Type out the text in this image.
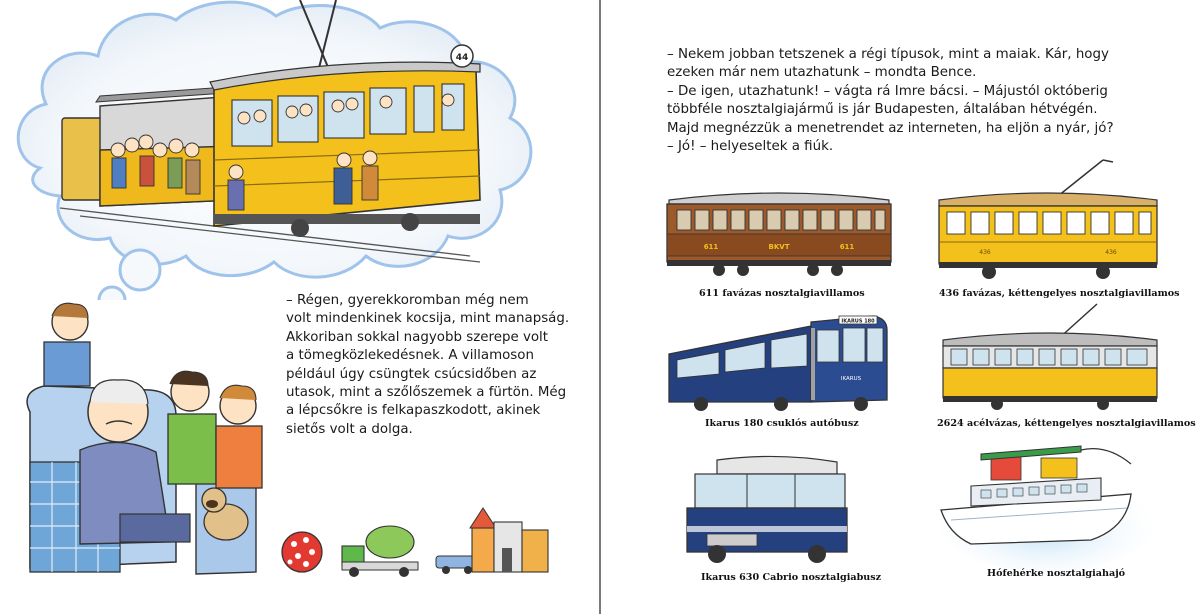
44

– Régen, gyerekkoromban még nem

volt mindenkinek kocsija, mint manapság.

Akkoriban sokkal nagyobb szerepe volt

a tömegközlekedésnek. A villamoson

például úgy csüngtek csúcsidőben az

utasok, mint a szőlőszemek a fürtön. Még

a lépcsőkre is felkapaszkodott, akinek

sietős volt a dolga.

– Nekem jobban tetszenek a régi típusok, mint a maiak. Kár, hogy

ezeken már nem utazhatunk – mondta Bence.

– De igen, utazhatunk! – vágta rá Imre bácsi. – Májustól októberig

többféle nosztalgiajármű is jár Budapesten, általában hétvégén.

Majd megnézzük a menetrendet az interneten, ha eljön a nyár, jó?

– Jó! – helyeseltek a fiúk.

611	BKVT	611
611 favázas nosztalgiavillamos
436	436
436 favázas, kéttengelyes nosztalgiavillamos
IKARUS 180
IKARUS
Ikarus 180 csuklós autóbusz	2624 acélvázas, kéttengelyes nosztalgiavillamos
Ikarus 630 Cabrio nosztalgiabusz	Hófehérke nosztalgiahajó
